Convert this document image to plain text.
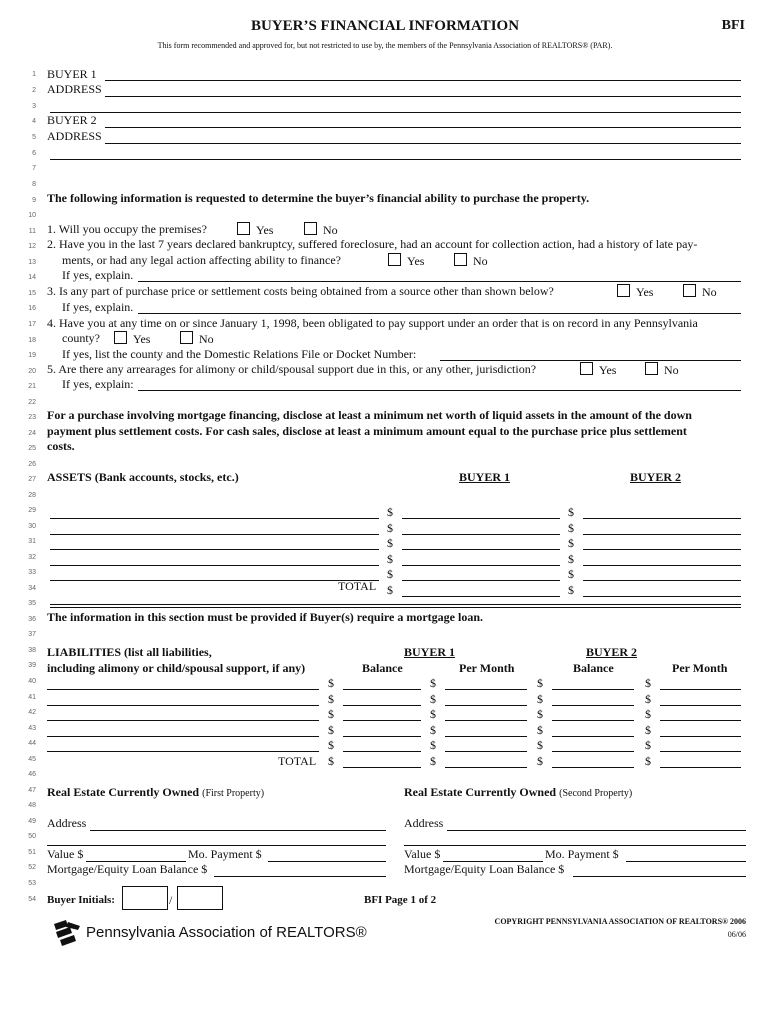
BUYER’S FINANCIAL INFORMATION	BFI
This form recommended and approved for, but not restricted to use by, the members of the Pennsylvania Association of REALTORS® (PAR).
1
2
3
4
5
6
7
8
9
10
11
12
13
14
15
16
17
18
19
20
21
22
23
24
25
26
27
28
29
30
31
32
33
34
35
36
37
38
39
40
41
42
43
44
45
46
47
48
49
50
51
52
53
54
BUYER 1
ADDRESS
BUYER 2
ADDRESS
The following information is requested to determine the buyer’s financial ability to purchase the property.
1. Will you occupy the premises?	Yes	No
2. Have you in the last 7 years declared bankruptcy, suffered foreclosure, had an account for collection action, had a history of late pay-
ments, or had any legal action affecting ability to finance?	Yes	No
If yes, explain.
3. Is any part of purchase price or settlement costs being obtained from a source other than shown below?	Yes	No
If yes, explain.
4. Have you at any time on or since January 1, 1998, been obligated to pay support under an order that is on record in any Pennsylvania
county?	Yes	No
If yes, list the county and the Domestic Relations File or Docket Number:
5. Are there any arrearages for alimony or child/spousal support due in this, or any other, jurisdiction?	Yes	No
If yes, explain:
For a purchase involving mortgage financing, disclose at least a minimum net worth of liquid assets in the amount of the down
payment plus settlement costs. For cash sales, disclose at least a minimum amount equal to the purchase price plus settlement
costs.
ASSETS (Bank accounts, stocks, etc.)	BUYER 1	BUYER 2
$	$
$	$
$	$
$	$
$	$
$	$
TOTAL
The information in this section must be provided if Buyer(s) require a mortgage loan.
LIABILITIES (list all liabilities,
including alimony or child/spousal support, if any)
BUYER 1	BUYER 2
Balance	Per Month	Balance	Per Month
$	$	$	$
$	$	$	$
$	$	$	$
$	$	$	$
$	$	$	$
$	$	$	$
TOTAL
Real Estate Currently Owned (First Property)	Real Estate Currently Owned (Second Property)
Address	Address
Value $	Mo. Payment $	Value $	Mo. Payment $
Mortgage/Equity Loan Balance $	Mortgage/Equity Loan Balance $
Buyer Initials:	/	BFI Page 1 of 2
COPYRIGHT PENNSYLVANIA ASSOCIATION OF REALTORS® 2006
06/06
Pennsylvania Association of REALTORS®
